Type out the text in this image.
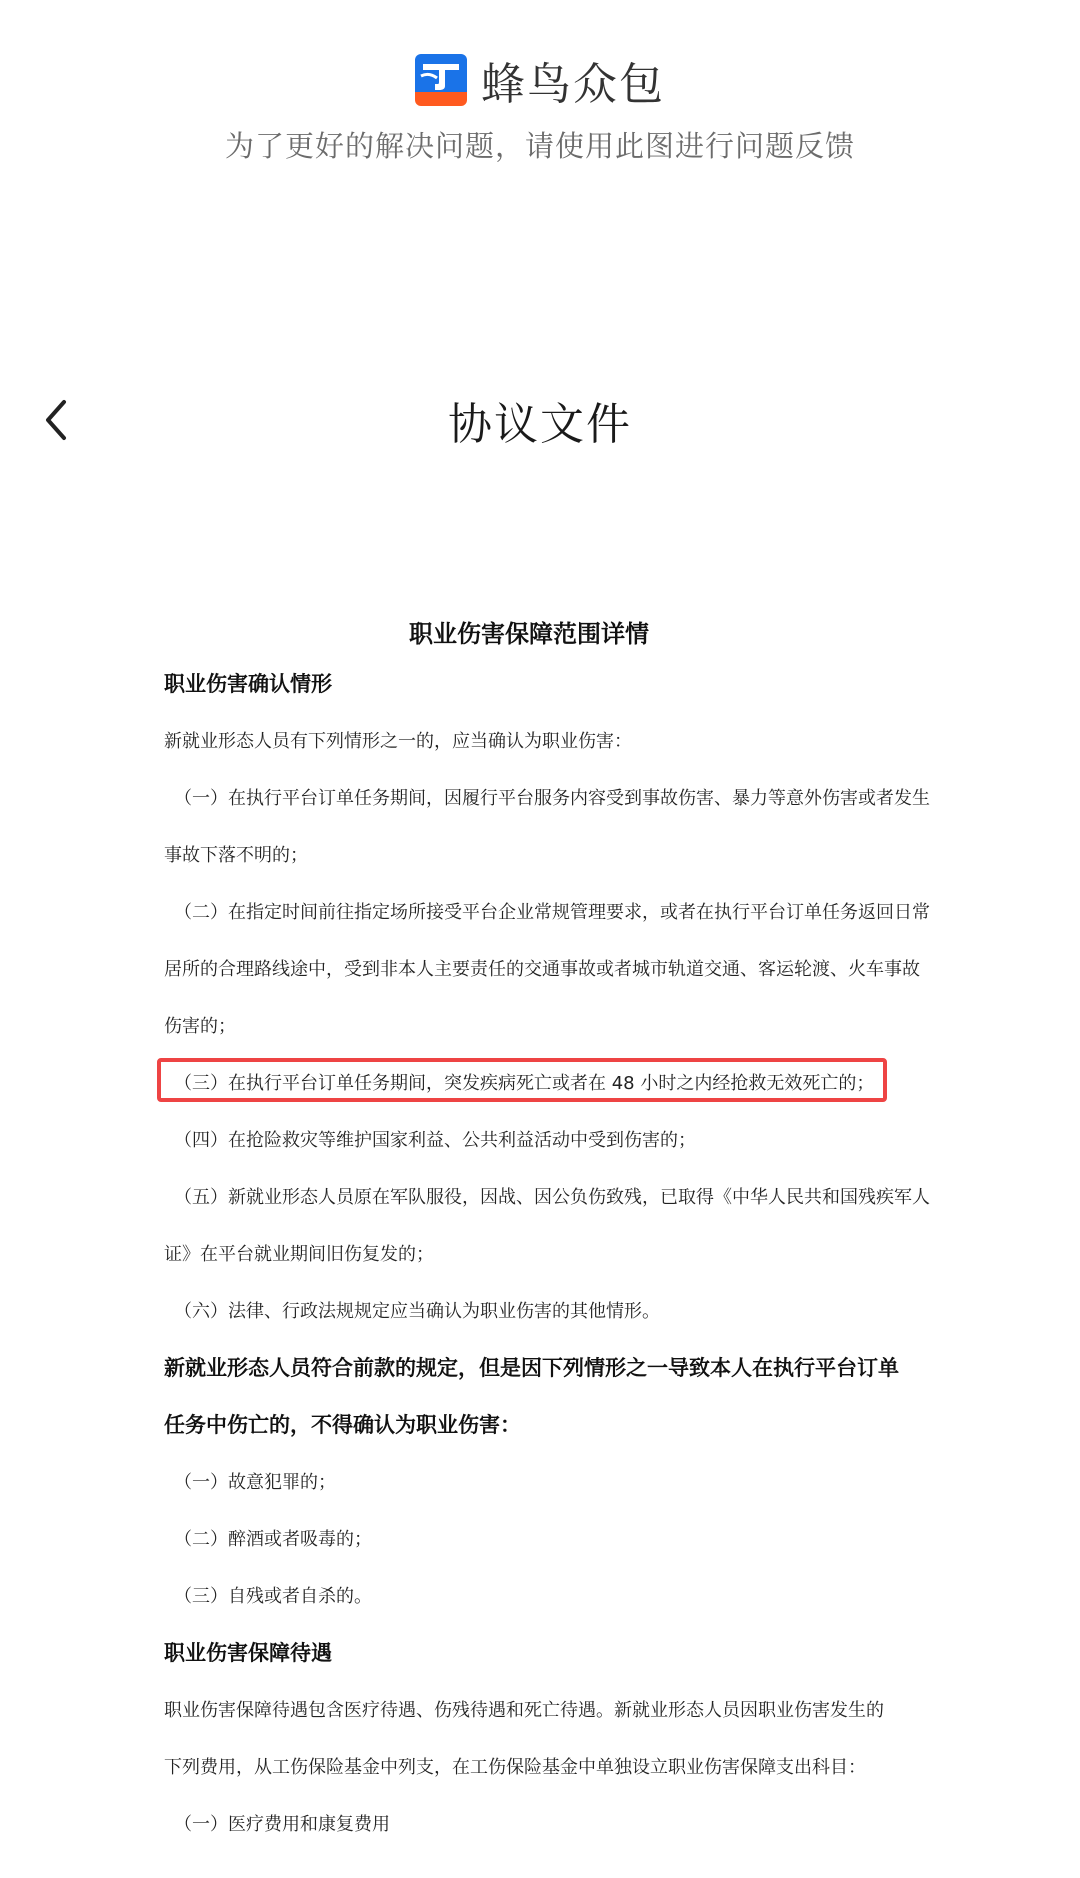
蜂鸟众包
为了更好的解决问题，请使用此图进行问题反馈
协议文件
职业伤害保障范围详情
职业伤害确认情形
新就业形态人员有下列情形之一的，应当确认为职业伤害：
（一）在执行平台订单任务期间，因履行平台服务内容受到事故伤害、暴力等意外伤害或者发生
事故下落不明的；
（二）在指定时间前往指定场所接受平台企业常规管理要求，或者在执行平台订单任务返回日常
居所的合理路线途中，受到非本人主要责任的交通事故或者城市轨道交通、客运轮渡、火车事故
伤害的；
（三）在执行平台订单任务期间，突发疾病死亡或者在 48 小时之内经抢救无效死亡的；
（四）在抢险救灾等维护国家利益、公共利益活动中受到伤害的；
（五）新就业形态人员原在军队服役，因战、因公负伤致残，已取得《中华人民共和国残疾军人
证》在平台就业期间旧伤复发的；
（六）法律、行政法规规定应当确认为职业伤害的其他情形。
新就业形态人员符合前款的规定，但是因下列情形之一导致本人在执行平台订单
任务中伤亡的，不得确认为职业伤害：
（一）故意犯罪的；
（二）醉酒或者吸毒的；
（三）自残或者自杀的。
职业伤害保障待遇
职业伤害保障待遇包含医疗待遇、伤残待遇和死亡待遇。新就业形态人员因职业伤害发生的
下列费用，从工伤保险基金中列支，在工伤保险基金中单独设立职业伤害保障支出科目：
（一）医疗费用和康复费用
